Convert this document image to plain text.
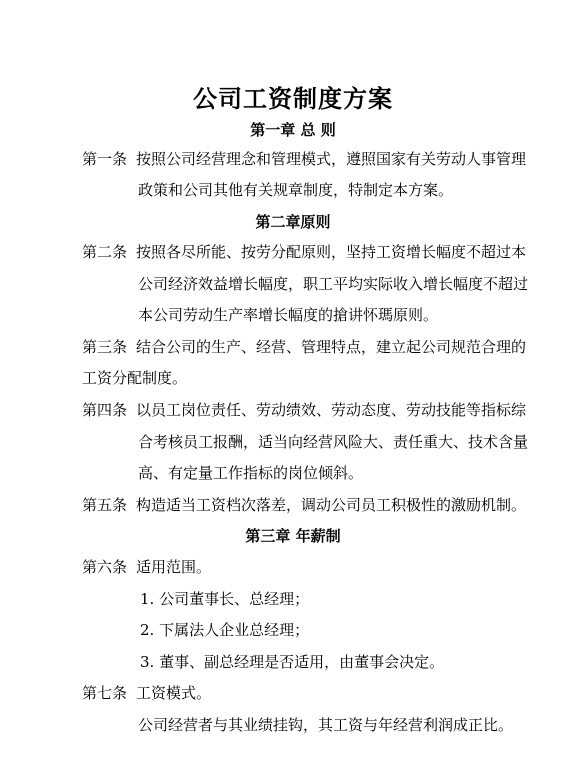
公司工资制度方案
第一章 总 则
第一条 按照公司经营理念和管理模式，遵照国家有关劳动人事管理
政策和公司其他有关规章制度，特制定本方案。
第二章原则
第二条 按照各尽所能、按劳分配原则，坚持工资增长幅度不超过本
公司经济效益增长幅度，职工平均实际收入增长幅度不超过
本公司劳动生产率增长幅度的搶讲怀瑪原则。
第三条 结合公司的生产、经营、管理特点，建立起公司规范合理的
工资分配制度。
第四条 以员工岗位责任、劳动绩效、劳动态度、劳动技能等指标综
合考核员工报酬，适当向经营风险大、责任重大、技术含量
高、有定量工作指标的岗位倾斜。
第五条 构造适当工资档次落差，调动公司员工积极性的激励机制。
第三章 年薪制
第六条 适用范围。
1. 公司董事长、总经理；
2. 下属法人企业总经理；
3. 董事、副总经理是否适用，由董事会决定。
第七条 工资模式。
公司经营者与其业绩挂钩，其工资与年经营利润成正比。
